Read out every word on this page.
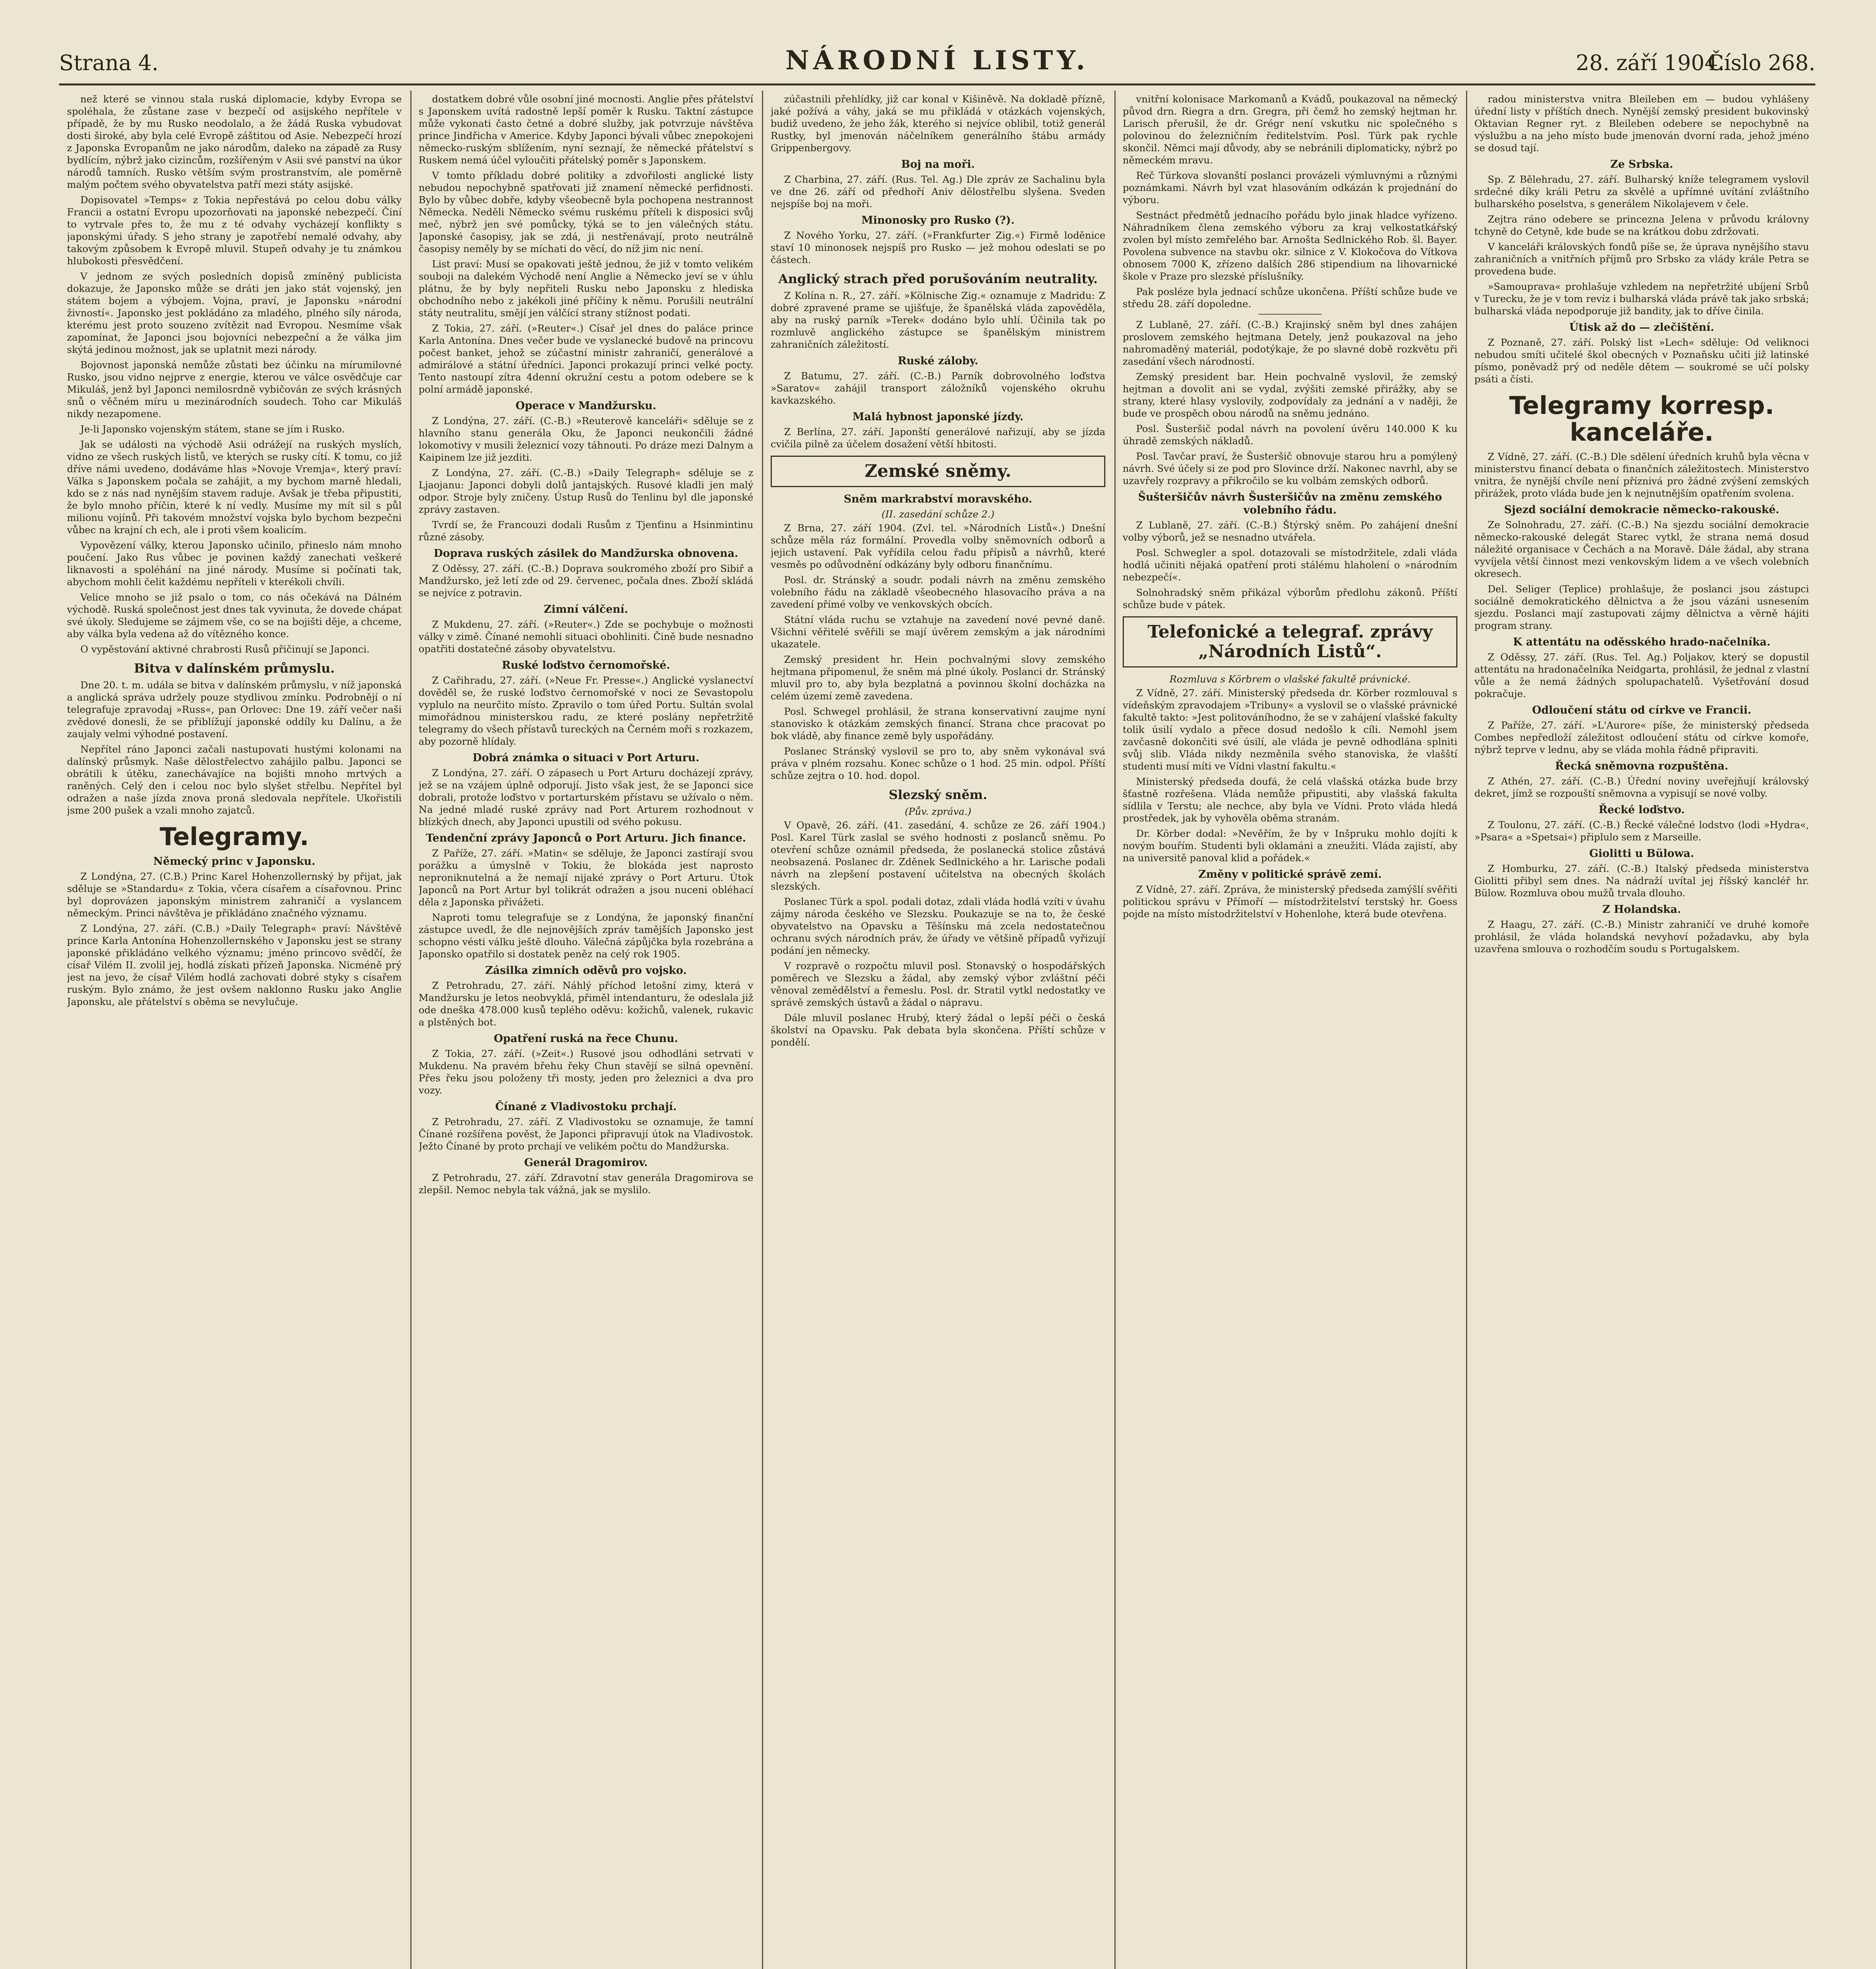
Strana 4.	NÁRODNÍ LISTY.	28. září 1904.
Číslo 268.

než které se vinnou stala ruská diplomacie, kdyby Evropa se spoléhala, že zůstane zase v bezpečí od asijského nepřítele v případě, že by mu Rusko neodolalo, a že žádá Ruska vybudovat dosti široké, aby byla celé Evropě záštitou od Asie. Nebezpečí hrozí z Japonska Evropanům ne jako národům, daleko na západě za Rusy bydlícím, nýbrž jako cizincům, rozšířeným v Asii své panství na úkor národů tamních. Rusko větším svým prostranstvím, ale poměrně malým počtem svého obyvatelstva patří mezi státy asijské.

Dopisovatel »Temps« z Tokia nepřestává po celou dobu války Francii a ostatní Evropu upozorňovati na japonské nebezpečí. Činí to vytrvale přes to, že mu z té odvahy vycházejí konflikty s japonskými úřady. S jeho strany je zapotřebí nemalé odvahy, aby takovým způsobem k Evropě mluvil. Stupeň odvahy je tu známkou hlubokosti přesvědčení.

V jednom ze svých posledních dopisů zmíněný publicista dokazuje, že Japonsko může se dráti jen jako stát vojenský, jen státem bojem a výbojem. Vojna, praví, je Japonsku »národní živností«. Japonsko jest pokládáno za mladého, plného síly národa, kterému jest proto souzeno zvítězit nad Evropou. Nesmíme však zapomínat, že Japonci jsou bojovníci nebezpeční a že válka jim skýtá jedinou možnost, jak se uplatnit mezi národy.

Bojovnost japonská nemůže zůstati bez účinku na mírumilovné Rusko, jsou vidno nejprve z energie, kterou ve válce osvědčuje car Mikuláš, jenž byl Japonci nemilosrdně vybičován ze svých krásných snů o věčném míru u mezinárodních soudech. Toho car Mikuláš nikdy nezapomene.

Je-li Japonsko vojenským státem, stane se jím i Rusko.

Jak se události na východě Asii odrážejí na ruských myslích, vidno ze všech ruských listů, ve kterých se rusky cítí. K tomu, co již dříve námi uvedeno, dodáváme hlas »Novoje Vremja«, který praví: Válka s Japonskem počala se zahájit, a my bychom marně hledali, kdo se z nás nad nynějším stavem raduje. Avšak je třeba připustiti, že bylo mnoho příčin, které k ní vedly. Musíme my mít sil s půl milionu vojínů. Při takovém množství vojska bylo bychom bezpečni vůbec na krajní ch ech, ale i proti všem koalicím.

Vypovězení války, kterou Japonsko učinilo, přineslo nám mnoho poučení. Jako Rus vůbec je povinen každý zanechati veškeré liknavosti a spoléhání na jiné národy. Musíme si počínati tak, abychom mohli čelit každému nepříteli v kterékoli chvíli.

Velice mnoho se již psalo o tom, co nás očekává na Dálném východě. Ruská společnost jest dnes tak vyvinuta, že dovede chápat své úkoly. Sledujeme se zájmem vše, co se na bojišti děje, a chceme, aby válka byla vedena až do vítězného konce.

O vypěstování aktivné chrabrosti Rusů přičinují se Japonci.

Bitva v dalínském průmyslu.

Dne 20. t. m. udála se bitva v dalínském průmyslu, v níž japonská a anglická správa udržely pouze stydlivou zmínku. Podrobnějí o ní telegrafuje zpravodaj »Russ«, pan Orlovec: Dne 19. září večer naši zvědové donesli, že se přiblížují japonské oddíly ku Dalínu, a že zaujaly velmi výhodné postavení.

Nepřítel ráno Japonci začali nastupovati hustými kolonami na dalínský průsmyk. Naše dělostřelectvo zahájilo palbu. Japonci se obrátili k útěku, zanechávajíce na bojišti mnoho mrtvých a raněných. Celý den i celou noc bylo slyšet střelbu. Nepřítel byl odražen a naše jízda znova proná sledovala nepřítele. Ukořistili jsme 200 pušek a vzali mnoho zajatců.

Telegramy.
Německý princ v Japonsku.

Z Londýna, 27. (C.B.) Princ Karel Hohenzollernský by přijat, jak sděluje se »Standardu« z Tokia, včera císařem a císařovnou. Princ byl doprovázen japonským ministrem zahraničí a vyslancem německým. Princi návštěva je přikládáno značného významu.

Z Londýna, 27. září. (C.B.) »Daily Telegraph« praví: Návštěvě prince Karla Antonína Hohenzollernského v Japonsku jest se strany japonské přikládáno velkého významu; jméno princovo svědčí, že císař Vilém II. zvolil jej, hodlá získati přízeň Japonska. Nicméně prý jest na jevo, že císař Vilém hodlá zachovati dobré styky s císařem ruským. Bylo známo, že jest ovšem naklonno Rusku jako Anglie Japonsku, ale přátelství s oběma se nevylučuje.

dostatkem dobré vůle osobní jiné mocnosti. Anglie přes přátelství s Japonskem uvítá radostně lepší poměr k Rusku. Taktní zástupce může vykonati často četné a dobré služby, jak potvrzuje návštěva prince Jindřicha v Americe. Kdyby Japonci bývali vůbec znepokojeni německo-ruským sblížením, nyní seznají, že německé přátelství s Ruskem nemá účel vyloučiti přátelský poměr s Japonskem.

V tomto příkladu dobré politiky a zdvořilosti anglické listy nebudou nepochybně spatřovati již znamení německé perfidnosti. Bylo by vůbec dobře, kdyby všeobecně byla pochopena nestrannost Německa. Neděli Německo svému ruskému příteli k disposici svůj meč, nýbrž jen své pomůcky, týká se to jen válečných státu. Japonské časopisy, jak se zdá, ji nestřenávají, proto neutrálně časopisy neměly by se míchati do věcí, do níž jim nic není.

List praví: Musí se opakovati ještě jednou, že již v tomto velikém souboji na dalekém Východě není Anglie a Německo jeví se v úhlu plátnu, že by byly nepřiteli Rusku nebo Japonsku z hlediska obchodního nebo z jakékoli jiné příčiny k němu. Porušili neutrální státy neutralitu, smějí jen válčící strany stížnost podati.

Z Tokia, 27. září. (»Reuter«.) Císař jel dnes do paláce prince Karla Antonína. Dnes večer bude ve vyslanecké budově na princovu počest banket, jehož se zúčastní ministr zahraničí, generálové a admirálové a státní úředníci. Japonci prokazují princi velké pocty. Tento nastoupí zítra 4denní okružní cestu a potom odebere se k polní armádě japonské.

Operace v Mandžursku.

Z Londýna, 27. září. (C.-B.) »Reuterově kanceláři« sděluje se z hlavního stanu generála Oku, že Japonci neukončili žádné lokomotivy v musili železnicí vozy táhnouti. Po dráze mezi Dalnym a Kaipinem lze již jezditi.

Z Londýna, 27. září. (C.-B.) »Daily Telegraph« sděluje se z Ljaojanu: Japonci dobyli dolů jantajských. Rusové kladli jen malý odpor. Stroje byly zničeny. Ústup Rusů do Tenlinu byl dle japonské zprávy zastaven.

Tvrdí se, že Francouzi dodali Rusům z Tjenťinu a Hsinmintinu různé zásoby.

Doprava ruských zásilek do Mandžurska obnovena.

Z Oděssy, 27. září. (C.-B.) Doprava soukromého zboží pro Sibiř a Mandžursko, jež letí zde od 29. červenec, počala dnes. Zboží skládá se nejvíce z potravin.

Zimní válčení.

Z Mukdenu, 27. září. (»Reuter«.) Zde se pochybuje o možnosti války v zimě. Čínané nemohli situaci obohliniti. Čině bude nesnadno opatřiti dostatečné zásoby obyvatelstvu.

Ruské loďstvo černomořské.

Z Cařihradu, 27. září. (»Neue Fr. Presse«.) Anglické vyslanectví dověděl se, že ruské loďstvo černomořské v noci ze Sevastopolu vyplulo na neurčito místo. Zpravilo o tom úřed Portu. Sultán svolal mimořádnou ministerskou radu, ze které poslány nepřetržitě telegramy do všech přístavů tureckých na Černém moři s rozkazem, aby pozorně hlídaly.

Dobrá známka o situaci v Port Arturu.

Z Londýna, 27. září. O zápasech u Port Arturu docházejí zprávy, jež se na vzájem úplně odporují. Jisto však jest, že se Japonci sice dobrali, protože loďstvo v portarturském přístavu se užívalo o něm. Na jedné mladé ruské zprávy nad Port Arturem rozhodnout v blízkých dnech, aby Japonci upustili od svého pokusu.

Tendenční zprávy Japonců o Port Arturu. Jich finance.

Z Paříže, 27. září. »Matin« se sděluje, že Japonci zastírají svou porážku a úmyslně v Tokiu, že blokáda jest naprosto neproniknutelná a že nemají nijaké zprávy o Port Arturu. Útok Japonců na Port Artur byl tolikrát odražen a jsou nuceni obléhací děla z Japonska přivážeti.

Naproti tomu telegrafuje se z Londýna, že japonský finanční zástupce uvedl, že dle nejnovějších zpráv tamějších Japonsko jest schopno vésti válku ještě dlouho. Válečná zápůjčka byla rozebrána a Japonsko opatřilo si dostatek peněz na celý rok 1905.

Zásilka zimních oděvů pro vojsko.

Z Petrohradu, 27. září. Náhlý příchod letošní zimy, která v Mandžursku je letos neobvyklá, přiměl intendanturu, že odeslala již ode dneška 478.000 kusů teplého oděvu: kožichů, valenek, rukavic a plstěných bot.

Opatření ruská na řece Chunu.

Z Tokia, 27. září. (»Zeit«.) Rusové jsou odhodláni setrvati v Mukdenu. Na pravém břehu řeky Chun stavějí se silná opevnění. Přes řeku jsou položeny tři mosty, jeden pro železnici a dva pro vozy.

Čínané z Vladivostoku prchají.

Z Petrohradu, 27. září. Z Vladivostoku se oznamuje, že tamní Čínané rozšířena pověst, že Japonci připravují útok na Vladivostok. Ježto Čínané by proto prchají ve velikém počtu do Mandžurska.

Generál Dragomirov.

Z Petrohradu, 27. září. Zdravotní stav generála Dragomirova se zlepšil. Nemoc nebyla tak vážná, jak se myslilo.

zúčastnili přehlídky, již car konal v Kišiněvě. Na dokladě přízně, jaké požívá a váhy, jaká se mu přikládá v otázkách vojenských, budiž uvedeno, že jeho žák, kterého si nejvíce oblibil, totiž generál Rustky, byl jmenován náčelníkem generálního štábu armády Grippenbergovy.

Boj na moři.

Z Charbina, 27. září. (Rus. Tel. Ag.) Dle zpráv ze Sachalinu byla ve dne 26. září od předhoří Aniv dělostřelbu slyšena. Sveden nejspíše boj na moři.

Minonosky pro Rusko (?).

Z Nového Yorku, 27. září. (»Frankfurter Zig.«) Firmě loděnice staví 10 minonosek nejspíš pro Rusko — jež mohou odeslati se po částech.

Anglický strach před porušováním neutrality.

Z Kolína n. R., 27. září. »Kölnische Zig.« oznamuje z Madridu: Z dobré zpravené prame se ujišťuje, že španělská vláda zapověděla, aby na ruský parník »Terek« dodáno bylo uhlí. Účinila tak po rozmluvě anglického zástupce se španělským ministrem zahraničních záležitostí.

Ruské záloby.

Z Batumu, 27. září. (C.-B.) Parník dobrovolného loďstva »Saratov« zahájil transport záložníků vojenského okruhu kavkazského.

Malá hybnost japonské jízdy.

Z Berlína, 27. září. Japonští generálové nařizují, aby se jízda cvičila pilně za účelem dosažení větší hbitosti.

Zemské sněmy.
Sněm markrabství moravského.
(II. zasedání schůze 2.)

Z Brna, 27. září 1904. (Zvl. tel. »Národních Listů«.) Dnešní schůze měla ráz formální. Provedla volby sněmovních odborů a jejich ustavení. Pak vyřídila celou řadu přípisů a návrhů, které vesměs po odůvodnění odkázány byly odboru finančnímu.

Posl. dr. Stránský a soudr. podali návrh na změnu zemského volebního řádu na základě všeobecného hlasovacího práva a na zavedení přímé volby ve venkovských obcích.

Státní vláda ruchu se vztahuje na zavedení nové pevné daně. Všichni věřitelé svěřili se mají úvěrem zemským a jak národními ukazatele.

Zemský president hr. Hein pochvalnými slovy zemského hejtmana připomenul, že sněm má plné úkoly. Poslanci dr. Stránský mluvil pro to, aby byla bezplatná a povinnou školní docházka na celém území země zavedena.

Posl. Schwegel prohlásil, že strana konservativní zaujme nyní stanovisko k otázkám zemských financí. Strana chce pracovat po bok vládě, aby finance země byly uspořádány.

Poslanec Stránský vyslovil se pro to, aby sněm vykonával svá práva v plném rozsahu. Konec schůze o 1 hod. 25 min. odpol. Příští schůze zejtra o 10. hod. dopol.

Slezský sněm.
(Pův. zpráva.)

V Opavě, 26. září. (41. zasedání, 4. schůze ze 26. září 1904.) Posl. Karel Türk zaslal se svého hodnosti z poslanců sněmu. Po otevření schůze oznámil předseda, že poslanecká stolice zůstává neobsazená. Poslanec dr. Zděnek Sedlnického a hr. Larische podali návrh na zlepšení postavení učitelstva na obecných školách slezských.

Poslanec Türk a spol. podali dotaz, zdali vláda hodlá vzíti v úvahu zájmy národa českého ve Slezsku. Poukazuje se na to, že české obyvatelstvo na Opavsku a Těšínsku má zcela nedostatečnou ochranu svých národních práv, že úřady ve většině případů vyřizují podání jen německy.

V rozpravě o rozpočtu mluvil posl. Stonavský o hospodářských poměrech ve Slezsku a žádal, aby zemský výbor zvláštní péči věnoval zemědělství a řemeslu. Posl. dr. Stratil vytkl nedostatky ve správě zemských ústavů a žádal o nápravu.

Dále mluvil poslanec Hrubý, který žádal o lepší péči o česká školství na Opavsku. Pak debata byla skončena. Příští schůze v pondělí.

vnitřní kolonisace Markomanů a Kvádů, poukazoval na německý původ drn. Riegra a drn. Gregra, při čemž ho zemský hejtman hr. Larisch přerušil, že dr. Grégr není vskutku nic společného s polovinou do železničním ředitelstvím. Posl. Türk pak rychle skončil. Němci mají důvody, aby se nebránili diplomaticky, nýbrž po německém mravu.

Reč Türkova slovanští poslanci provázeli výmluvnými a různými poznámkami. Návrh byl vzat hlasováním odkázán k projednání do výboru.

Sestnáct předmětů jednacího pořádu bylo jinak hladce vyřízeno. Náhradníkem člena zemského výboru za kraj velkostatkářský zvolen byl místo zemřelého bar. Arnošta Sedlnického Rob. šl. Bayer. Povolena subvence na stavbu okr. silnice z V. Klokočova do Vítkova obnosem 7000 K, zřízeno dalších 286 stipendium na lihovarnické škole v Praze pro slezské příslušníky.

Pak posléze byla jednací schůze ukončena. Příští schůze bude ve středu 28. září dopoledne.

Z Lublaně, 27. září. (C.-B.) Krajinský sněm byl dnes zahájen proslovem zemského hejtmana Detely, jenž poukazoval na jeho nahromaděný materiál, podotýkaje, že po slavné době rozkvětu při zasedání všech národností.

Zemský president bar. Hein pochvalně vyslovil, že zemský hejtman a dovolit ani se vydal, zvýšiti zemské přirážky, aby se strany, které hlasy vyslovily, zodpovídaly za jednání a v naději, že bude ve prospěch obou národů na sněmu jednáno.

Posl. Šusteršič podal návrh na povolení úvěru 140.000 K ku úhradě zemských nákladů.

Posl. Tavčar praví, že Šusteršič obnovuje starou hru a pomýlený návrh. Své účely si ze pod pro Slovince drží. Nakonec navrhl, aby se uzavřely rozpravy a přikročilo se ku volbám zemských odborů.

Šušteršičův návrh Šusteršičův na změnu zemského volebního řádu.

Z Lublaně, 27. září. (C.-B.) Štýrský sněm. Po zahájení dnešní volby výborů, jež se nesnadno utvářela.

Posl. Schwegler a spol. dotazovali se místodržitele, zdali vláda hodlá učiniti nějaká opatření proti stálému hlaholení o »národním nebezpečí«.

Solnohradský sněm přikázal výborům předlohu zákonů. Příští schůze bude v pátek.

Telefonické a telegraf. zprávy „Národních Listů“.
Rozmluva s Körbrem o vlašské fakultě právnické.

Z Vídně, 27. září. Ministerský předseda dr. Körber rozmlouval s vídeňským zpravodajem »Tribuny« a vyslovil se o vlašské právnické fakultě takto: »Jest politováníhodno, že se v zahájení vlašské fakulty tolik úsilí vydalo a přece dosud nedošlo k cíli. Nemohl jsem zavčasně dokončiti své úsilí, ale vláda je pevně odhodlána splniti svůj slib. Vláda nikdy nezměnila svého stanoviska, že vlašští studenti musí míti ve Vídni vlastní fakultu.«

Ministerský předseda doufá, že celá vlašská otázka bude brzy šťastně rozřešena. Vláda nemůže připustiti, aby vlašská fakulta sídlila v Terstu; ale nechce, aby byla ve Vídni. Proto vláda hledá prostředek, jak by vyhověla oběma stranám.

Dr. Körber dodal: »Nevěřím, že by v Inšpruku mohlo dojíti k novým bouřím. Studenti byli oklamáni a zneužiti. Vláda zajistí, aby na universitě panoval klid a pořádek.«

Změny v politické správě zemí.

Z Vídně, 27. září. Zpráva, že ministerský předseda zamýšlí svěřiti politickou správu v Přímoří — místodržitelství terstský hr. Goess pojde na místo místodržitelství v Hohenlohe, která bude otevřena.

radou ministerstva vnitra Bleileben em — budou vyhlášeny úřední listy v příštích dnech. Nynější zemský president bukovinský Oktavian Regner ryt. z Bleileben odebere se nepochybně na výslužbu a na jeho místo bude jmenován dvorní rada, jehož jméno se dosud tají.

Ze Srbska.

Sp. Z Bělehradu, 27. září. Bulharský kníže telegramem vyslovil srdečné díky králi Petru za skvělé a upřímné uvítání zvláštního bulharského poselstva, s generálem Nikolajevem v čele.

Zejtra ráno odebere se princezna Jelena v průvodu královny tchyně do Cetyně, kde bude se na krátkou dobu zdržovati.

V kanceláři královských fondů píše se, že úprava nynějšího stavu zahraničních a vnitřních příjmů pro Srbsko za vlády krále Petra se provedena bude.

»Samouprava« prohlašuje vzhledem na nepřetržité ubíjení Srbů v Turecku, že je v tom revíz i bulharská vláda právě tak jako srbská; bulharská vláda nepodporuje již bandity, jak to dříve činila.

Útisk až do — zlečištění.

Z Poznaně, 27. září. Polský list »Lech« sděluje: Od veliknoci nebudou smíti učitelé škol obecných v Poznaňsku učiti již latinské písmo, poněvadž prý od neděle dětem — soukromé se učí polsky psáti a čísti.

Telegramy korresp. kanceláře.

Z Vídně, 27. září. (C.-B.) Dle sdělení úředních kruhů byla věcna v ministerstvu financí debata o finančních záležitostech. Ministerstvo vnitra, že nynější chvíle není příznivá pro žádné zvýšení zemských přirážek, proto vláda bude jen k nejnutnějším opatřením svolena.

Sjezd sociální demokracie německo-rakouské.

Ze Solnohradu, 27. září. (C.-B.) Na sjezdu sociální demokracie německo-rakouské delegát Starec vytkl, že strana nemá dosud náležité organisace v Čechách a na Moravě. Dále žádal, aby strana vyvíjela větší činnost mezi venkovským lidem a ve všech volebních okresech.

Del. Seliger (Teplice) prohlašuje, že poslanci jsou zástupci sociálně demokratického dělnictva a že jsou vázáni usnesením sjezdu. Poslanci mají zastupovati zájmy dělnictva a věrně hájiti program strany.

K attentátu na oděsského hrado-načelníka.

Z Oděssy, 27. září. (Rus. Tel. Ag.) Poljakov, který se dopustil attentátu na hradonačelníka Neidgarta, prohlásil, že jednal z vlastní vůle a že nemá žádných spolupachatelů. Vyšetřování dosud pokračuje.

Odloučení státu od církve ve Francii.

Z Paříže, 27. září. »L'Aurore« píše, že ministerský předseda Combes nepředloží záležitost odloučení státu od církve komoře, nýbrž teprve v lednu, aby se vláda mohla řádně připraviti.

Řecká sněmovna rozpuštěna.

Z Athén, 27. září. (C.-B.) Úřední noviny uveřejňují královský dekret, jímž se rozpouští sněmovna a vypisují se nové volby.

Řecké loďstvo.

Z Toulonu, 27. září. (C.-B.) Řecké válečné lodstvo (lodi »Hydra«, »Psara« a »Spetsai«) připlulo sem z Marseille.

Giolitti u Bülowa.

Z Homburku, 27. září. (C.-B.) Italský předseda ministerstva Giolitti přibyl sem dnes. Na nádraží uvítal jej říšský kancléř hr. Bülow. Rozmluva obou mužů trvala dlouho.

Z Holandska.

Z Haagu, 27. září. (C.-B.) Ministr zahraničí ve druhé komoře prohlásil, že vláda holandská nevyhoví požadavku, aby byla uzavřena smlouva o rozhodčím soudu s Portugalskem.
